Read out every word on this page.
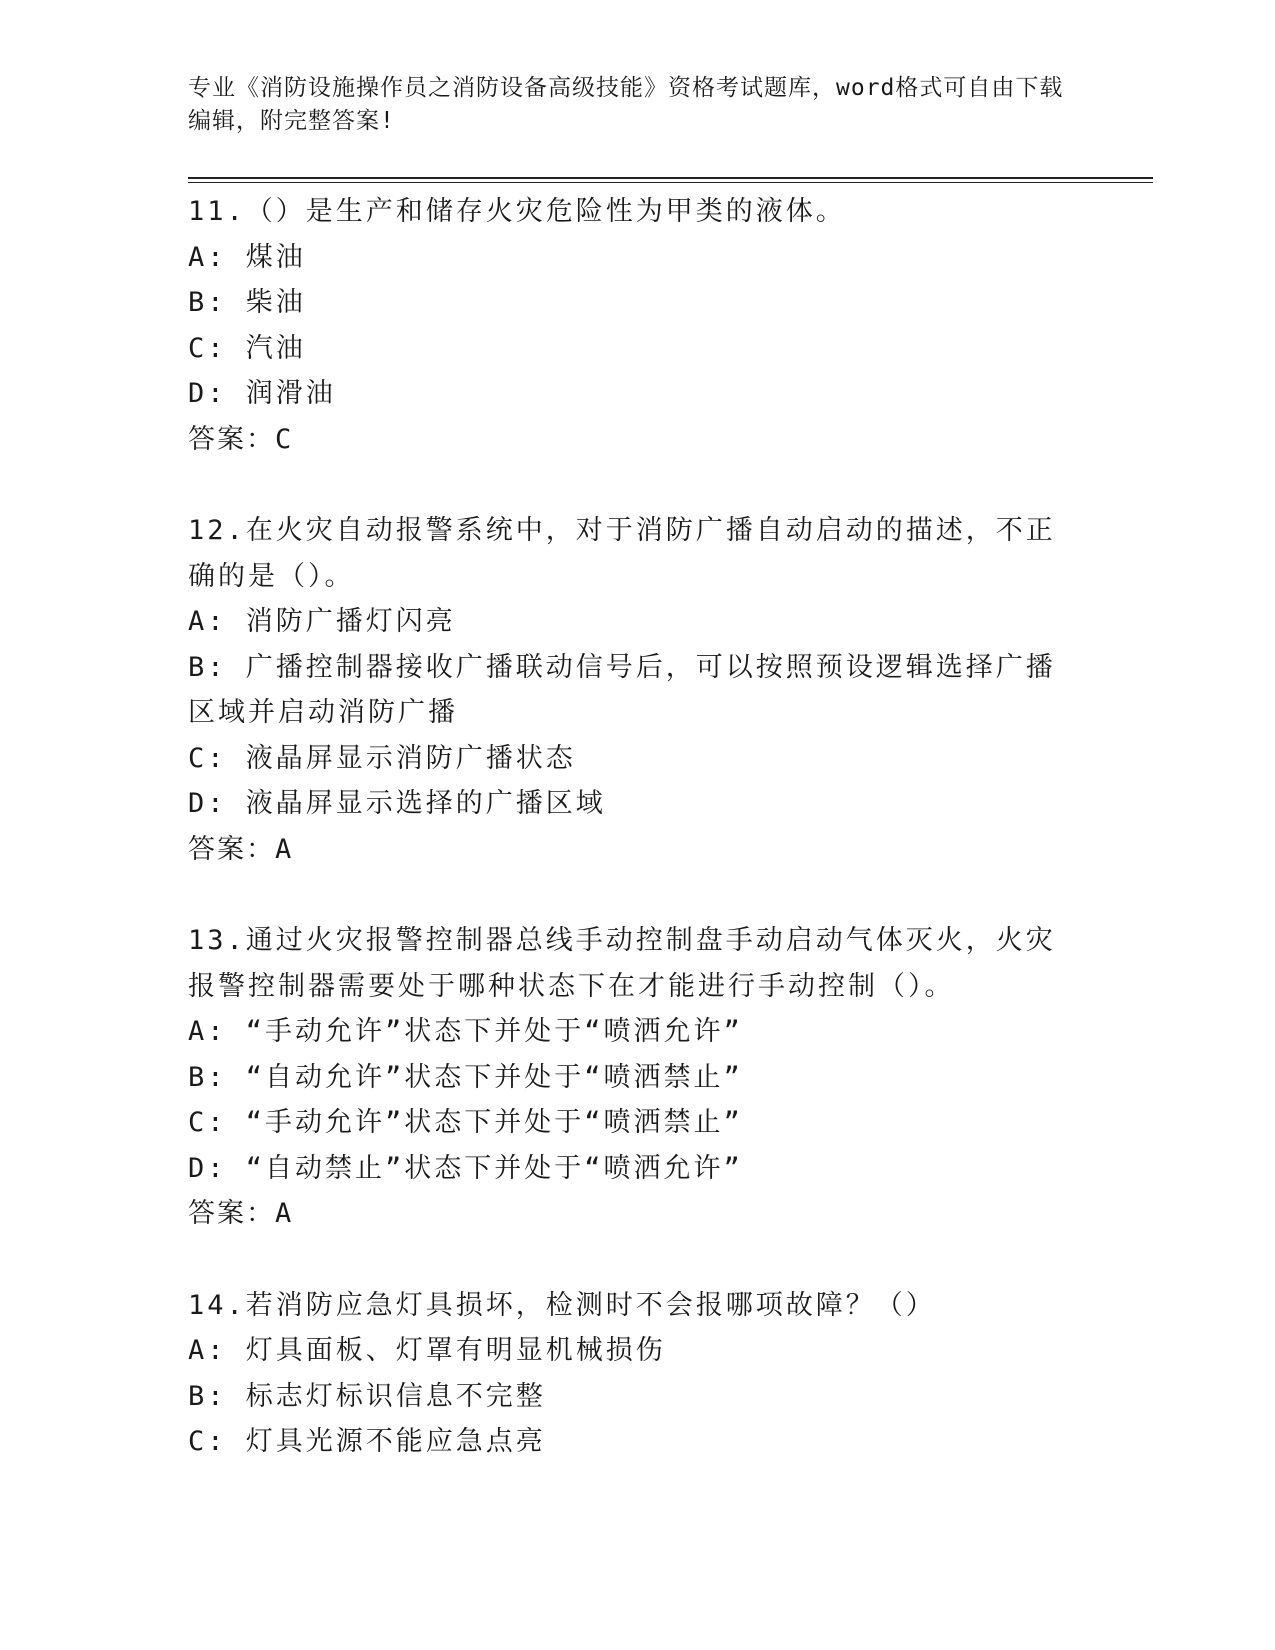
专业《消防设施操作员之消防设备高级技能》资格考试题库，word格式可自由下载编辑，附完整答案!
11.（）是生产和储存火灾危险性为甲类的液体。
A: 煤油
B: 柴油
C: 汽油
D: 润滑油
答案：C
12.在火灾自动报警系统中，对于消防广播自动启动的描述，不正确的是（）。
A: 消防广播灯闪亮
B: 广播控制器接收广播联动信号后，可以按照预设逻辑选择广播区域并启动消防广播
C: 液晶屏显示消防广播状态
D: 液晶屏显示选择的广播区域
答案：A
13.通过火灾报警控制器总线手动控制盘手动启动气体灭火，火灾报警控制器需要处于哪种状态下在才能进行手动控制（）。
A: “手动允许”状态下并处于“喷洒允许”
B: “自动允许”状态下并处于“喷洒禁止”
C: “手动允许”状态下并处于“喷洒禁止”
D: “自动禁止”状态下并处于“喷洒允许”
答案：A
14.若消防应急灯具损坏，检测时不会报哪项故障？（）
A: 灯具面板、灯罩有明显机械损伤
B: 标志灯标识信息不完整
C: 灯具光源不能应急点亮
